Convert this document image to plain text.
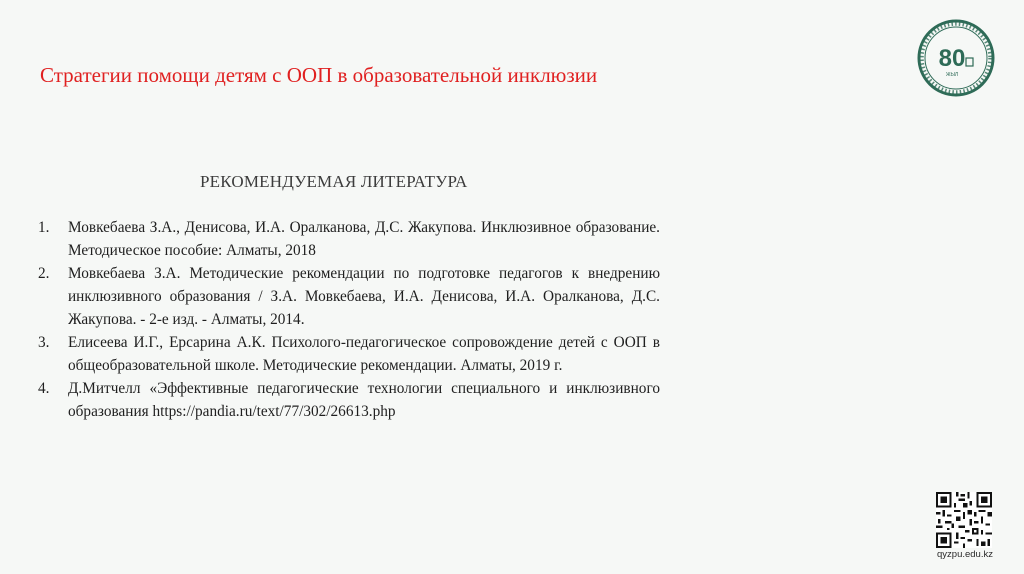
Стратегии помощи детям с ООП в образовательной инклюзии
РЕКОМЕНДУЕМАЯ ЛИТЕРАТУРА
1. Мовкебаева З.А., Денисова, И.А. Оралканова, Д.С. Жакупова. Инклюзивное образование. Методическое пособие: Алматы, 2018
2. Мовкебаева З.А. Методические рекомендации по подготовке педагогов к внедрению инклюзивного образования / З.А. Мовкебаева, И.А. Денисова, И.А. Оралканова, Д.С. Жакупова. - 2-е изд. - Алматы, 2014.
3. Елисеева И.Г., Ерсарина А.К. Психолого-педагогическое сопровождение детей с ООП в общеобразовательной школе. Методические рекомендации. Алматы, 2019 г.
4. Д.Митчелл «Эффективные педагогические технологии специального и инклюзивного образования https://pandia.ru/text/77/302/26613.php
80
ЖЫЛ
qyzpu.edu.kz
